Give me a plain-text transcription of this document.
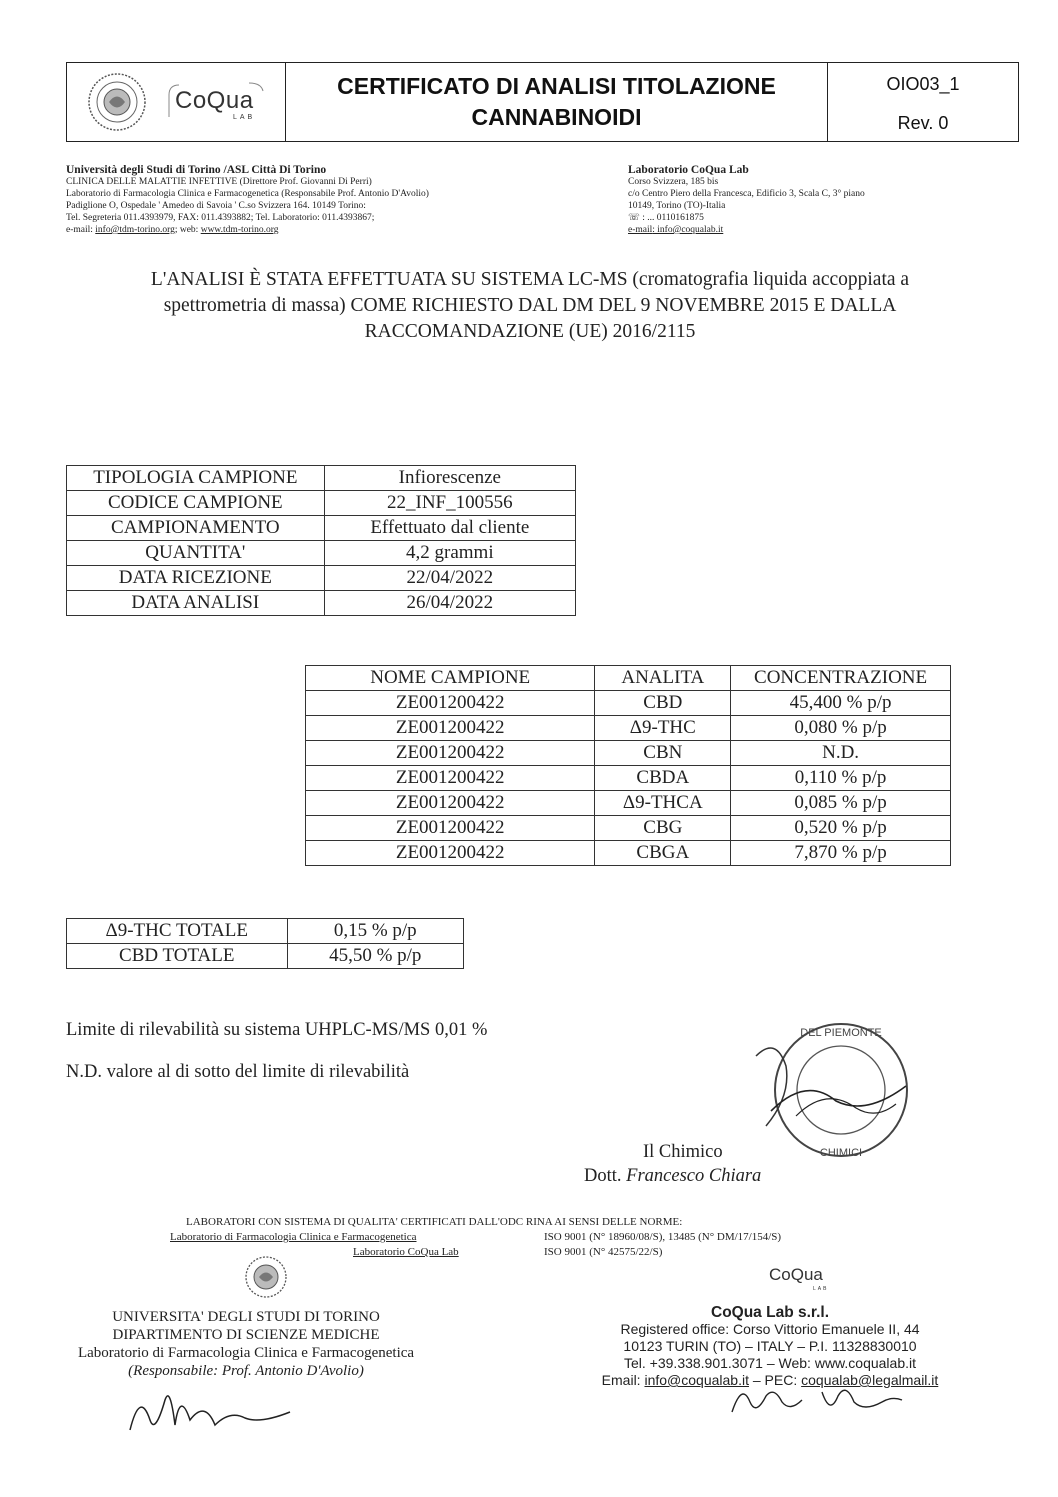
CoQua
LAB
CERTIFICATO DI ANALISI TITOLAZIONE
CANNABINOIDI
OIO03_1
Rev. 0
Università degli Studi di Torino /ASL Città Di Torino
CLINICA DELLE MALATTIE INFETTIVE (Direttore Prof. Giovanni Di Perri)
Laboratorio di Farmacologia Clinica e Farmacogenetica (Responsabile Prof. Antonio D'Avolio)
Padiglione O, Ospedale ' Amedeo di Savoia ' C.so Svizzera 164. 10149 Torino:
Tel. Segreteria 011.4393979, FAX: 011.4393882; Tel. Laboratorio: 011.4393867;
e-mail: info@tdm-torino.org; web: www.tdm-torino.org
Laboratorio CoQua Lab
Corso Svizzera, 185 bis
c/o Centro Piero della Francesca, Edificio 3, Scala C, 3° piano
10149, Torino (TO)-Italia
☏ : ... 0110161875
e-mail: info@coqualab.it
L'ANALISI È STATA EFFETTUATA SU SISTEMA LC-MS (cromatografia liquida accoppiata a
spettrometria di massa) COME RICHIESTO DAL DM DEL 9 NOVEMBRE 2015 E DALLA
RACCOMANDAZIONE (UE) 2016/2115
TIPOLOGIA CAMPIONE	Infiorescenze
CODICE CAMPIONE	22_INF_100556
CAMPIONAMENTO	Effettuato dal cliente
QUANTITA'	4,2 grammi
DATA RICEZIONE	22/04/2022
DATA ANALISI	26/04/2022
NOME CAMPIONE	ANALITA	CONCENTRAZIONE
ZE001200422	CBD	45,400 % p/p
ZE001200422	Δ9-THC	0,080 % p/p
ZE001200422	CBN	N.D.
ZE001200422	CBDA	0,110 % p/p
ZE001200422	Δ9-THCA	0,085 % p/p
ZE001200422	CBG	0,520 % p/p
ZE001200422	CBGA	7,870 % p/p
Δ9-THC TOTALE	0,15 % p/p
CBD TOTALE	45,50 % p/p
Limite di rilevabilità su sistema UHPLC-MS/MS 0,01 %
N.D. valore al di sotto del limite di rilevabilità
DEL PIEMONTE
CHIMICI
Il Chimico
Dott. Francesco Chiara
LABORATORI CON SISTEMA DI QUALITA' CERTIFICATI DALL'ODC RINA AI SENSI DELLE NORME:
Laboratorio di Farmacologia Clinica e Farmacogenetica	ISO 9001 (N° 18960/08/S), 13485 (N° DM/17/154/S)
Laboratorio CoQua Lab	ISO 9001 (N° 42575/22/S)
CoQua
LAB
UNIVERSITA' DEGLI STUDI DI TORINO
DIPARTIMENTO DI SCIENZE MEDICHE
Laboratorio di Farmacologia Clinica e Farmacogenetica
(Responsabile: Prof. Antonio D'Avolio)
CoQua Lab s.r.l.
Registered office: Corso Vittorio Emanuele II, 44
10123 TURIN (TO) – ITALY – P.I. 11328830010
Tel. +39.338.901.3071 – Web: www.coqualab.it
Email: info@coqualab.it – PEC: coqualab@legalmail.it
